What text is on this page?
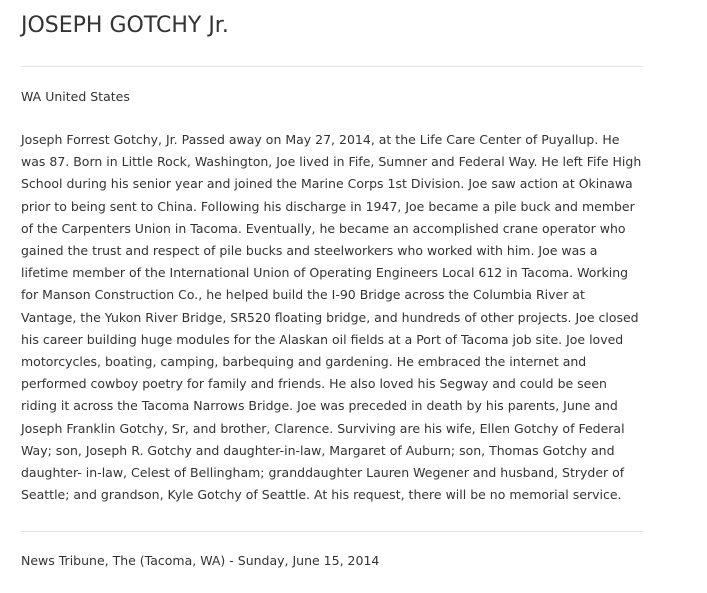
JOSEPH GOTCHY Jr.

WA United States

Joseph Forrest Gotchy, Jr. Passed away on May 27, 2014, at the Life Care Center of Puyallup. He was 87. Born in Little Rock, Washington, Joe lived in Fife, Sumner and Federal Way. He left Fife High School during his senior year and joined the Marine Corps 1st Division. Joe saw action at Okinawa prior to being sent to China. Following his discharge in 1947, Joe became a pile buck and member of the Carpenters Union in Tacoma. Eventually, he became an accomplished crane operator who gained the trust and respect of pile bucks and steelworkers who worked with him. Joe was a lifetime member of the International Union of Operating Engineers Local 612 in Tacoma. Working for Manson Construction Co., he helped build the I-90 Bridge across the Columbia River at Vantage, the Yukon River Bridge, SR520 floating bridge, and hundreds of other projects. Joe closed his career building huge modules for the Alaskan oil fields at a Port of Tacoma job site. Joe loved motorcycles, boating, camping, barbequing and gardening. He embraced the internet and performed cowboy poetry for family and friends. He also loved his Segway and could be seen riding it across the Tacoma Narrows Bridge. Joe was preceded in death by his parents, June and Joseph Franklin Gotchy, Sr, and brother, Clarence. Surviving are his wife, Ellen Gotchy of Federal Way; son, Joseph R. Gotchy and daughter-in-law, Margaret of Auburn; son, Thomas Gotchy and daughter- in-law, Celest of Bellingham; granddaughter Lauren Wegener and husband, Stryder of Seattle; and grandson, Kyle Gotchy of Seattle. At his request, there will be no memorial service.

News Tribune, The (Tacoma, WA) - Sunday, June 15, 2014
